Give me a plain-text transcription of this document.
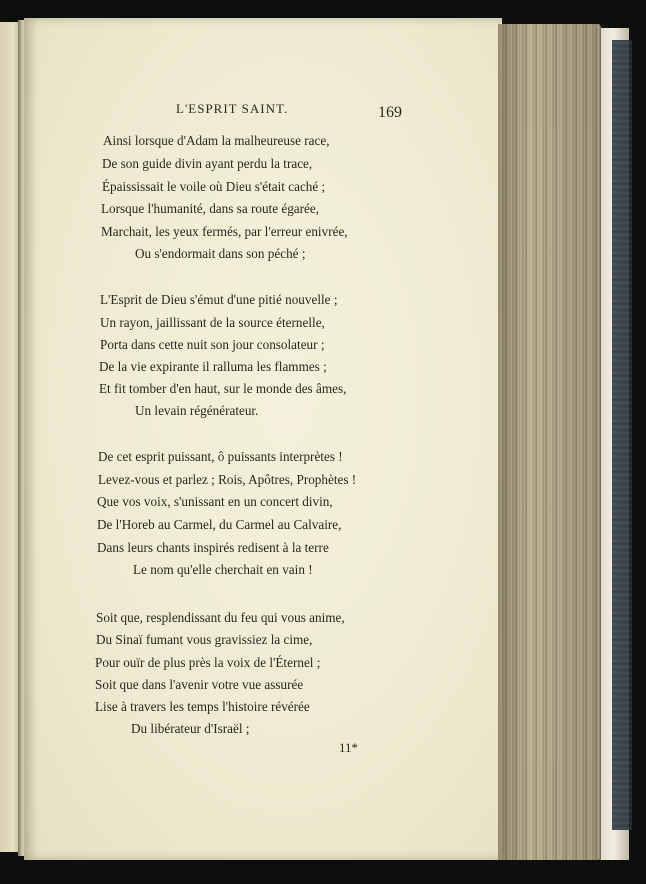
L'ESPRIT SAINT.	169
Ainsi lorsque d'Adam la malheureuse race,
De son guide divin ayant perdu la trace,
Épaississait le voile où Dieu s'était caché ;
Lorsque l'humanité, dans sa route égarée,
Marchait, les yeux fermés, par l'erreur enivrée,
Ou s'endormait dans son péché ;
L'Esprit de Dieu s'émut d'une pitié nouvelle ;
Un rayon, jaillissant de la source éternelle,
Porta dans cette nuit son jour consolateur ;
De la vie expirante il ralluma les flammes ;
Et fit tomber d'en haut, sur le monde des âmes,
Un levain régénérateur.
De cet esprit puissant, ô puissants interprètes !
Levez-vous et parlez ; Rois, Apôtres, Prophètes !
Que vos voix, s'unissant en un concert divin,
De l'Horeb au Carmel, du Carmel au Calvaire,
Dans leurs chants inspirés redisent à la terre
Le nom qu'elle cherchait en vain !
Soit que, resplendissant du feu qui vous anime,
Du Sinaï fumant vous gravissiez la cime,
Pour ouïr de plus près la voix de l'Éternel ;
Soit que dans l'avenir votre vue assurée
Lise à travers les temps l'histoire révérée
Du libérateur d'Israël ;
11*
